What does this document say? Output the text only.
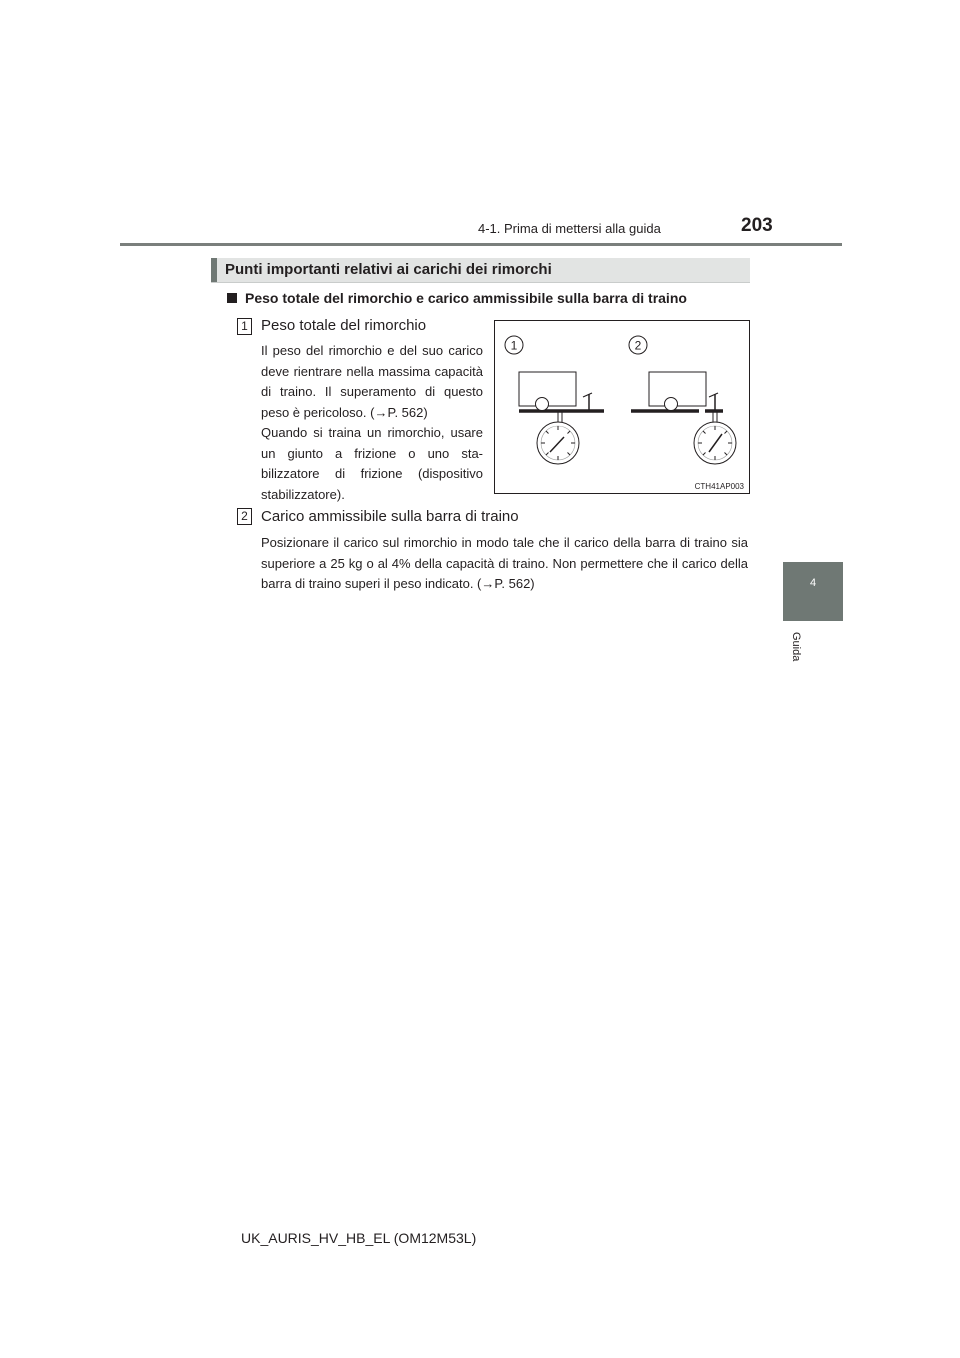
4-1. Prima di mettersi alla guida	203
4
Guida
Punti importanti relativi ai carichi dei rimorchi
Peso totale del rimorchio e carico ammissibile sulla barra di traino
1 Peso totale del rimorchio
Il peso del rimorchio e del suo carico deve rientrare nella massima capacità di traino. Il superamento di questo peso è pericoloso. (→P. 562)
Quando si traina un rimorchio, usare un giunto a frizione o uno sta- bilizzatore di frizione (dispositivo stabilizzatore).
2 Carico ammissibile sulla barra di traino
Posizionare il carico sul rimorchio in modo tale che il carico della barra di traino sia superiore a 25 kg o al 4% della capacità di traino. Non permettere che il carico della barra di traino superi il peso indicato. (→P. 562)
1	2
CTH41AP003
UK_AURIS_HV_HB_EL (OM12M53L)
